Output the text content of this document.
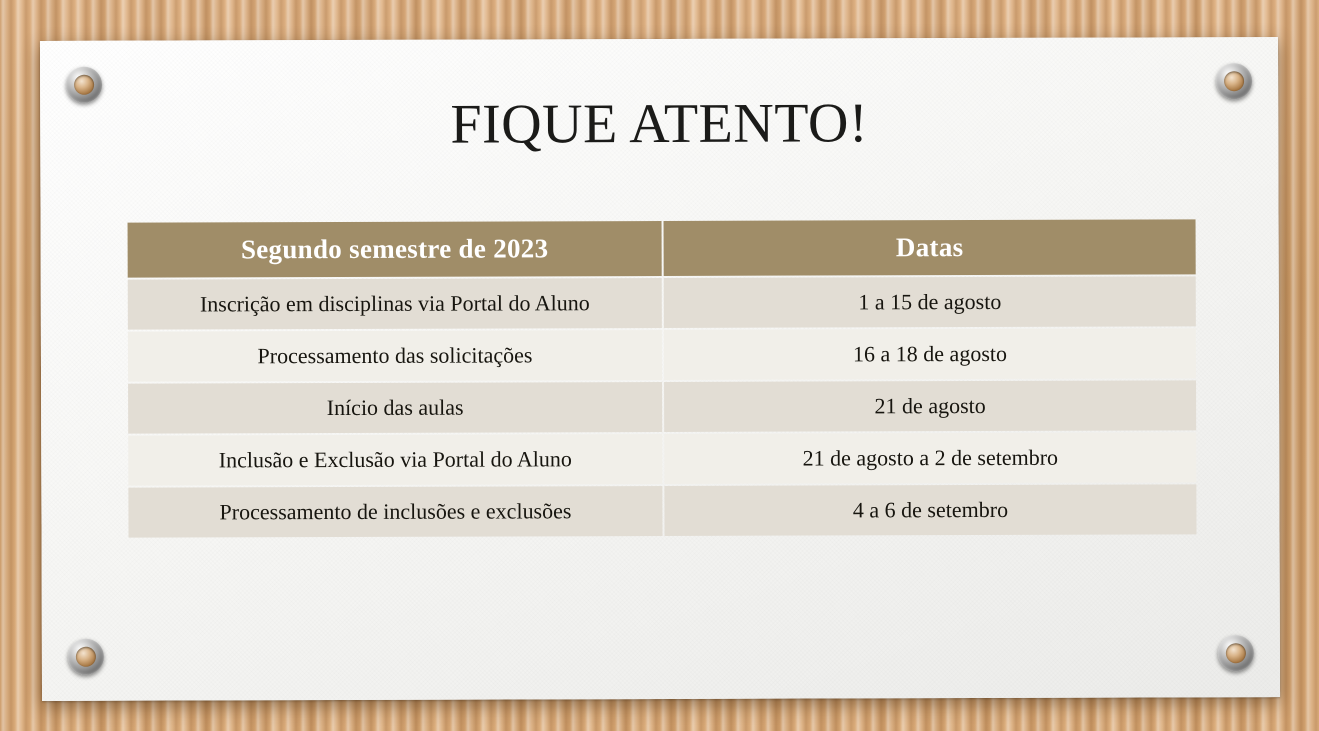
FIQUE ATENTO!
Segundo semestre de 2023	Datas
Inscrição em disciplinas via Portal do Aluno	1 a 15 de agosto
Processamento das solicitações	16 a 18 de agosto
Início das aulas	21 de agosto
Inclusão e Exclusão via Portal do Aluno	21 de agosto a 2 de setembro
Processamento de inclusões e exclusões	4 a 6 de setembro
